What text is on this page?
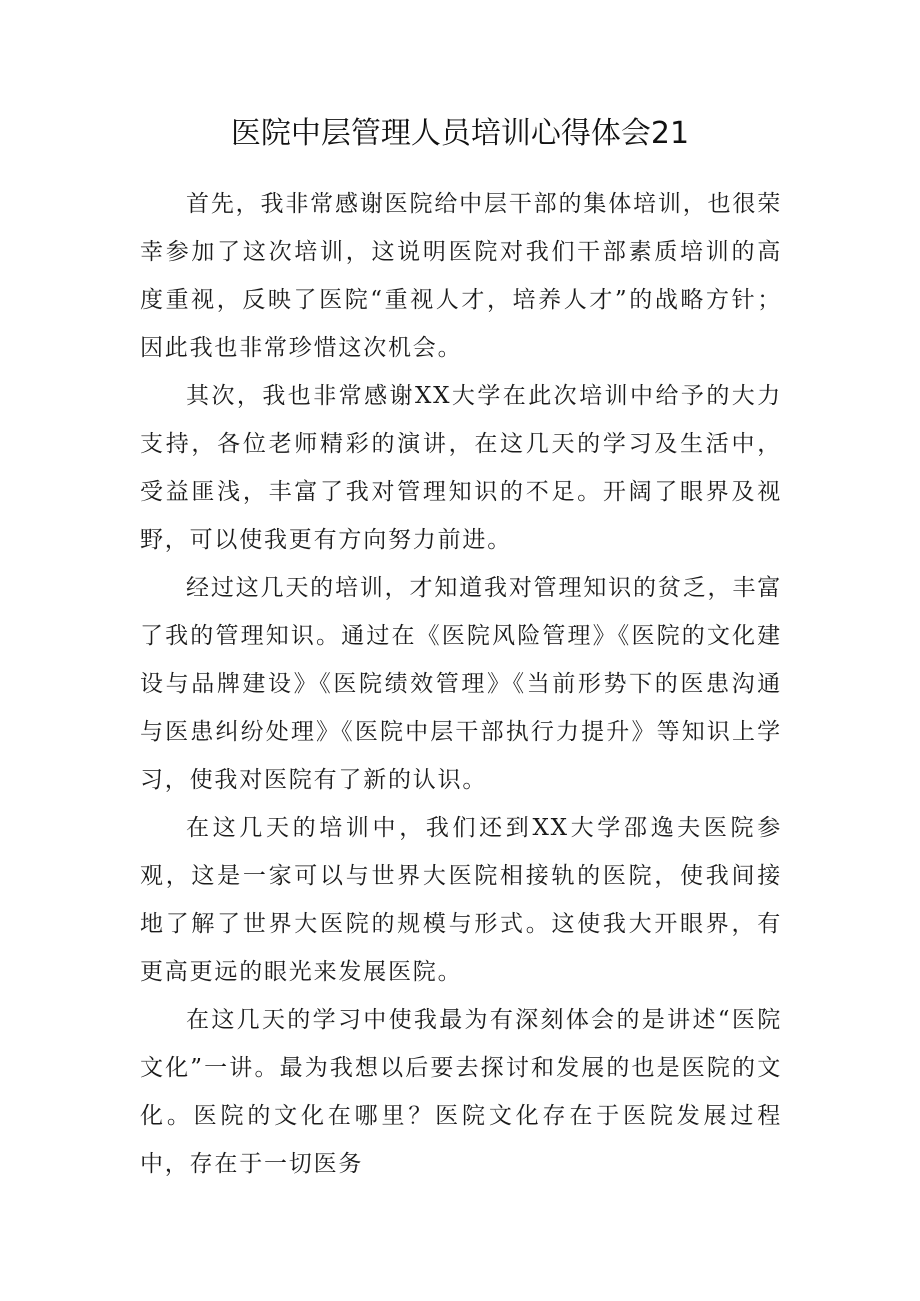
医院中层管理人员培训心得体会21

首先，我非常感谢医院给中层干部的集体培训，也很荣幸参加了这次培训，这说明医院对我们干部素质培训的高度重视，反映了医院“重视人才，培养人才”的战略方针；因此我也非常珍惜这次机会。

其次，我也非常感谢XX大学在此次培训中给予的大力支持，各位老师精彩的演讲，在这几天的学习及生活中，受益匪浅，丰富了我对管理知识的不足。开阔了眼界及视野，可以使我更有方向努力前进。

经过这几天的培训，才知道我对管理知识的贫乏，丰富了我的管理知识。通过在《医院风险管理》《医院的文化建设与品牌建设》《医院绩效管理》《当前形势下的医患沟通与医患纠纷处理》《医院中层干部执行力提升》等知识上学习，使我对医院有了新的认识。

在这几天的培训中，我们还到XX大学邵逸夫医院参观，这是一家可以与世界大医院相接轨的医院，使我间接地了解了世界大医院的规模与形式。这使我大开眼界，有更高更远的眼光来发展医院。

在这几天的学习中使我最为有深刻体会的是讲述“医院文化”一讲。最为我想以后要去探讨和发展的也是医院的文化。医院的文化在哪里？医院文化存在于医院发展过程中，存在于一切医务
